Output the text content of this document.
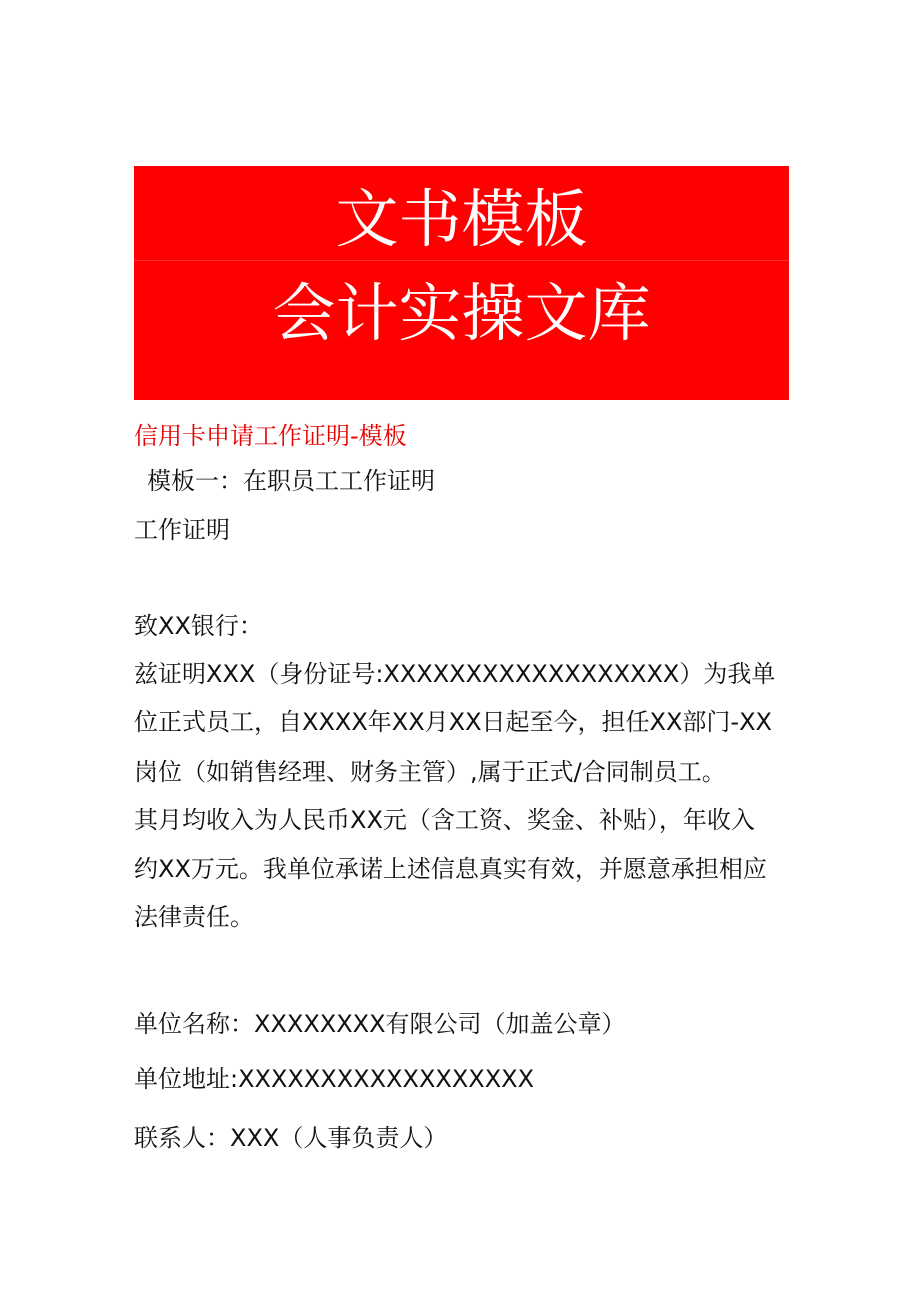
文书模板
会计实操文库
信用卡申请工作证明-模板
模板一：在职员工工作证明
工作证明
致XX银行：
兹证明XXX（身份证号:XXXXXXXXXXXXXXXXXX）为我单
位正式员工，自XXXX年XX月XX日起至今，担任XX部门-XX
岗位（如销售经理、财务主管）,属于正式/合同制员工。
其月均收入为人民币XX元（含工资、奖金、补贴），年收入
约XX万元。我单位承诺上述信息真实有效，并愿意承担相应
法律责任。
单位名称：XXXXXXXX有限公司（加盖公章）
单位地址:XXXXXXXXXXXXXXXXXX
联系人：XXX（人事负责人）
